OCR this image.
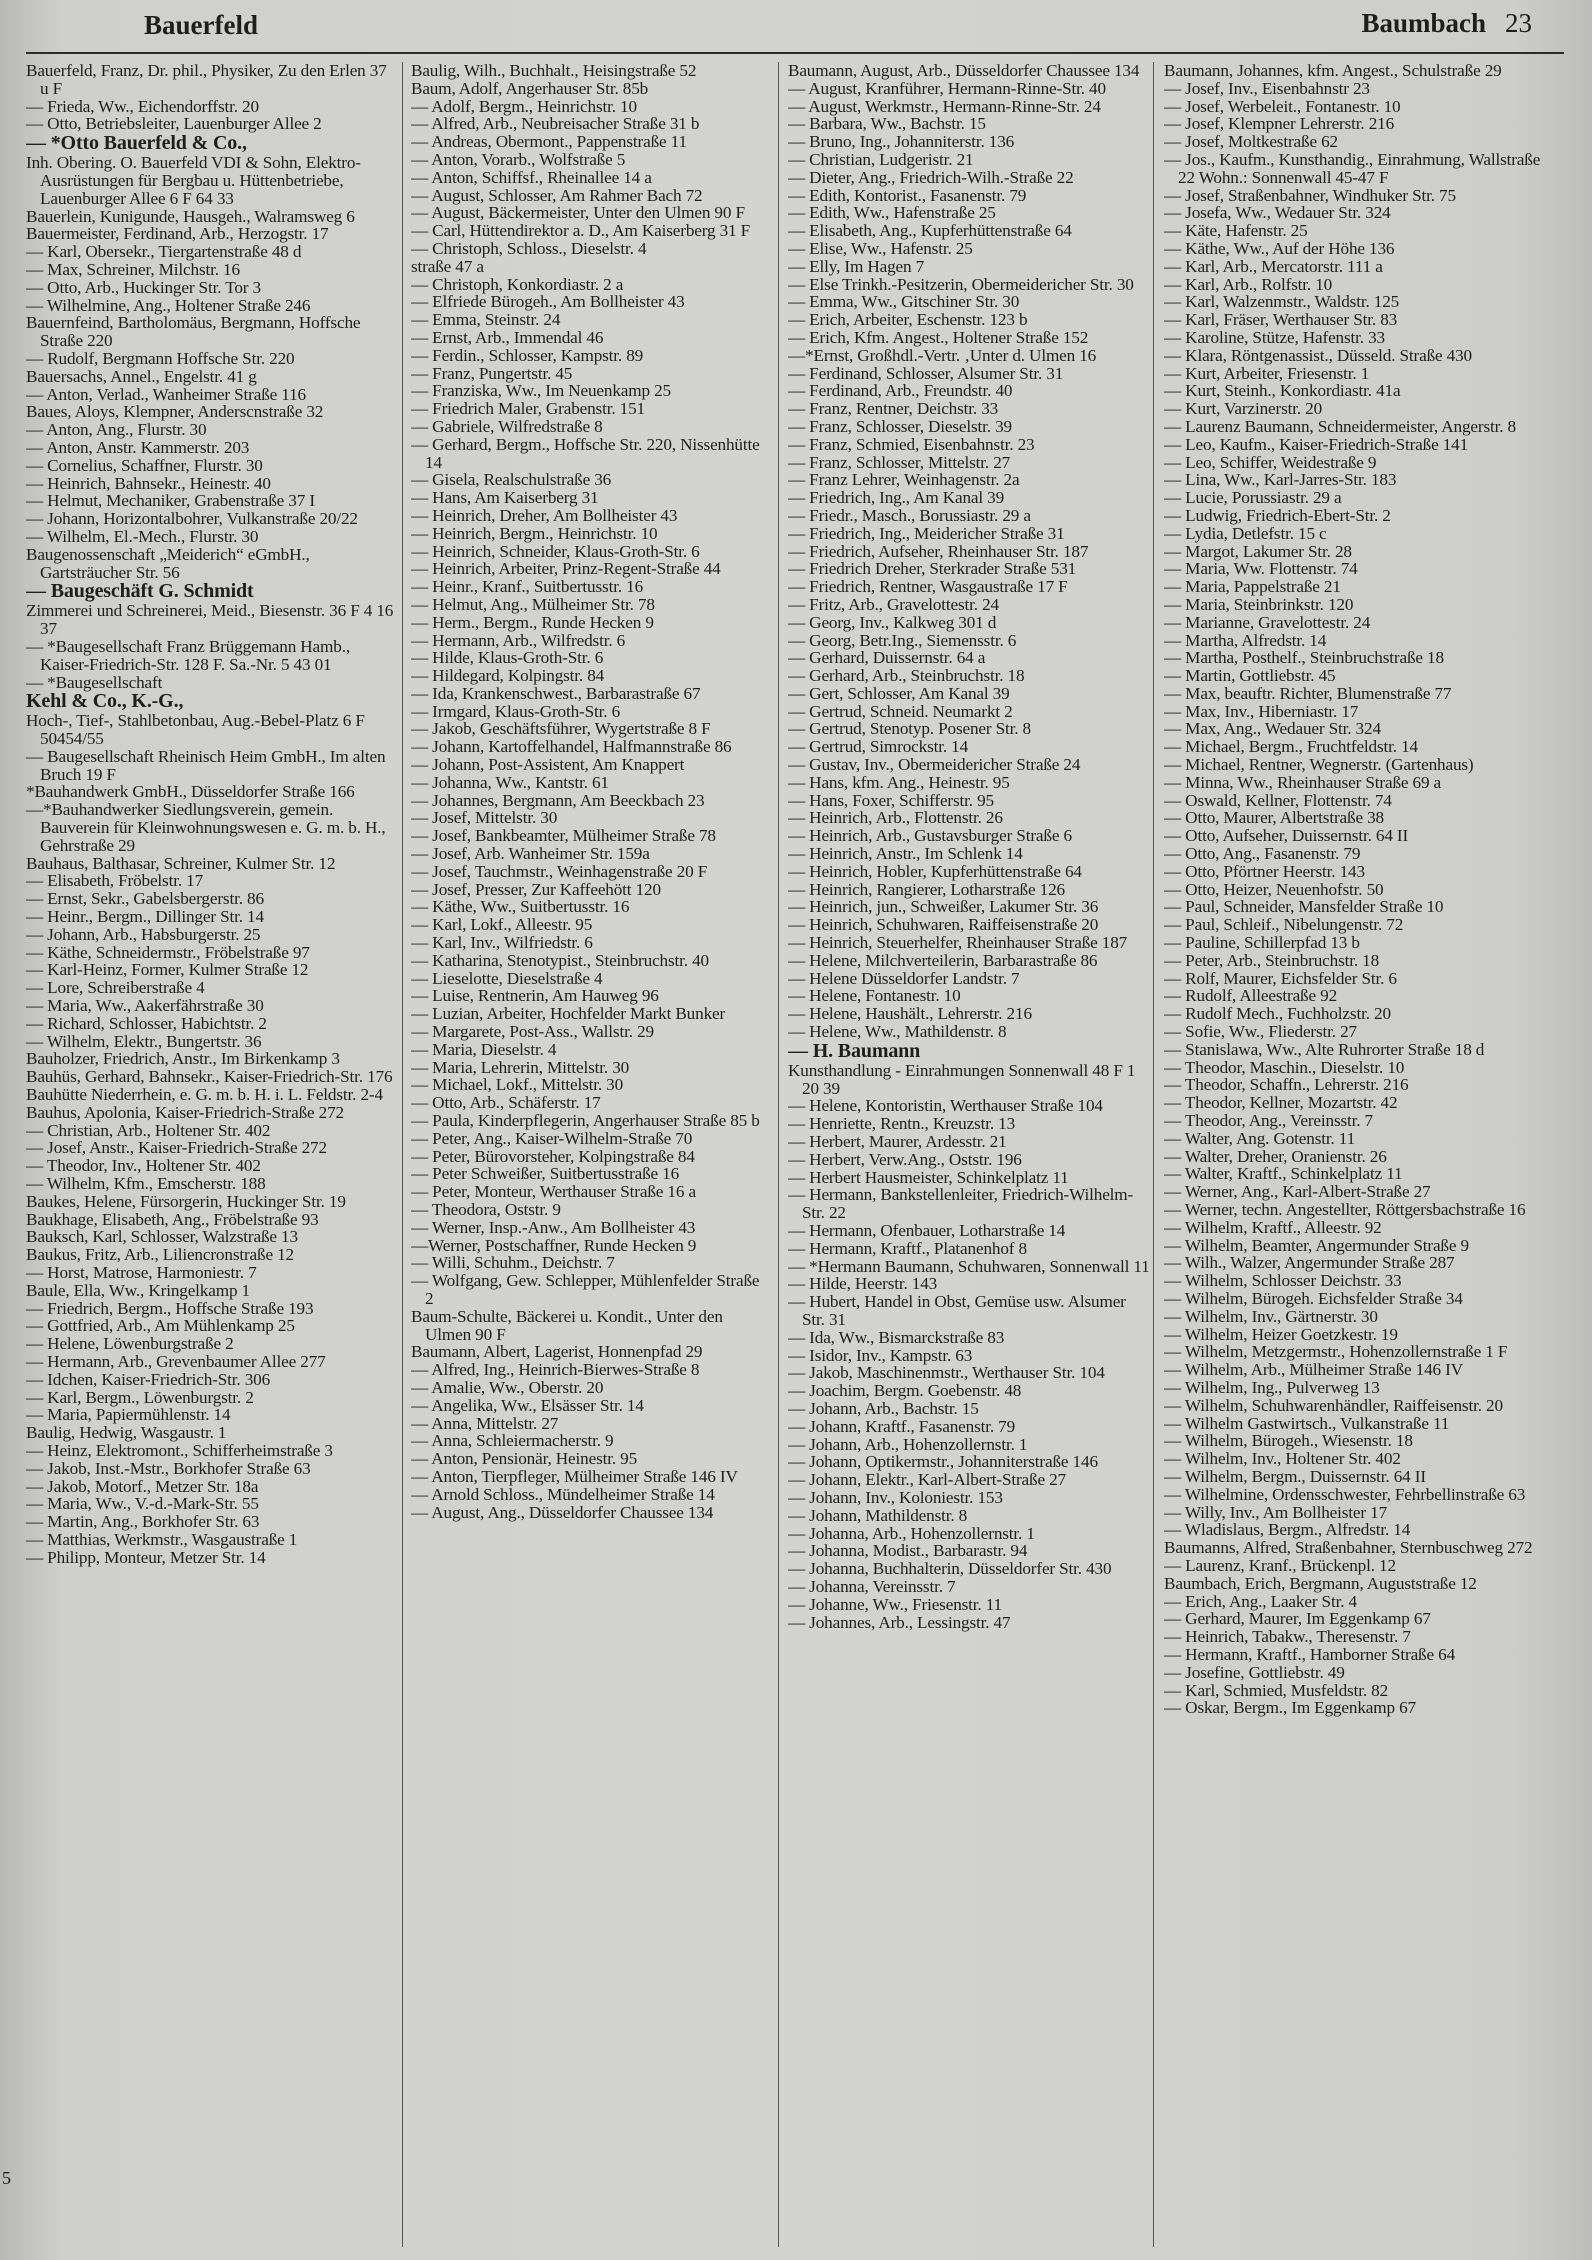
Bauerfeld	Baumbach 23

Bauerfeld, Franz, Dr. phil., Physiker, Zu den Erlen 37 u F

— Frieda, Ww., Eichendorffstr. 20

— Otto, Betriebsleiter, Lauenburger Allee 2

— *Otto Bauerfeld & Co.,

Inh. Obering. O. Bauerfeld VDI & Sohn, Elektro-Ausrüstungen für Bergbau u. Hüttenbetriebe, Lauenburger Allee 6 F 64 33

Bauerlein, Kunigunde, Hausgeh., Walramsweg 6

Bauermeister, Ferdinand, Arb., Herzogstr. 17

— Karl, Obersekr., Tiergartenstraße 48 d

— Max, Schreiner, Milchstr. 16

— Otto, Arb., Huckinger Str. Tor 3

— Wilhelmine, Ang., Holtener Straße 246

Bauernfeind, Bartholomäus, Bergmann, Hoffsche Straße 220

— Rudolf, Bergmann Hoffsche Str. 220

Bauersachs, Annel., Engelstr. 41 g

— Anton, Verlad., Wanheimer Straße 116

Baues, Aloys, Klempner, Anderscnstraße 32

— Anton, Ang., Flurstr. 30

— Anton, Anstr. Kammerstr. 203

— Cornelius, Schaffner, Flurstr. 30

— Heinrich, Bahnsekr., Heinestr. 40

— Helmut, Mechaniker, Grabenstraße 37 I

— Johann, Horizontalbohrer, Vulkanstraße 20/22

— Wilhelm, El.-Mech., Flurstr. 30

Baugenossenschaft „Meiderich“ eGmbH., Gartsträucher Str. 56

— Baugeschäft G. Schmidt

Zimmerei und Schreinerei, Meid., Biesenstr. 36 F 4 16 37

— *Baugesellschaft Franz Brüggemann Hamb., Kaiser-Friedrich-Str. 128 F. Sa.-Nr. 5 43 01

— *Baugesellschaft

Kehl & Co., K.-G.,

Hoch-, Tief-, Stahlbetonbau, Aug.-Bebel-Platz 6 F 50454/55

— Baugesellschaft Rheinisch Heim GmbH., Im alten Bruch 19 F

*Bauhandwerk GmbH., Düsseldorfer Straße 166

—*Bauhandwerker Siedlungsverein, gemein. Bauverein für Kleinwohnungswesen e. G. m. b. H., Gehrstraße 29

Bauhaus, Balthasar, Schreiner, Kulmer Str. 12

— Elisabeth, Fröbelstr. 17

— Ernst, Sekr., Gabelsbergerstr. 86

— Heinr., Bergm., Dillinger Str. 14

— Johann, Arb., Habsburgerstr. 25

— Käthe, Schneidermstr., Fröbelstraße 97

— Karl-Heinz, Former, Kulmer Straße 12

— Lore, Schreiberstraße 4

— Maria, Ww., Aakerfährstraße 30

— Richard, Schlosser, Habichtstr. 2

— Wilhelm, Elektr., Bungertstr. 36

Bauholzer, Friedrich, Anstr., Im Birkenkamp 3

Bauhüs, Gerhard, Bahnsekr., Kaiser-Friedrich-Str. 176

Bauhütte Niederrhein, e. G. m. b. H. i. L. Feldstr. 2-4

Bauhus, Apolonia, Kaiser-Friedrich-Straße 272

— Christian, Arb., Holtener Str. 402

— Josef, Anstr., Kaiser-Friedrich-Straße 272

— Theodor, Inv., Holtener Str. 402

— Wilhelm, Kfm., Emscherstr. 188

Baukes, Helene, Fürsorgerin, Huckinger Str. 19

Baukhage, Elisabeth, Ang., Fröbelstraße 93

Bauksch, Karl, Schlosser, Walzstraße 13

Baukus, Fritz, Arb., Liliencronstraße 12

— Horst, Matrose, Harmoniestr. 7

Baule, Ella, Ww., Kringelkamp 1

— Friedrich, Bergm., Hoffsche Straße 193

— Gottfried, Arb., Am Mühlenkamp 25

— Helene, Löwenburgstraße 2

— Hermann, Arb., Grevenbaumer Allee 277

— Idchen, Kaiser-Friedrich-Str. 306

— Karl, Bergm., Löwenburgstr. 2

— Maria, Papiermühlenstr. 14

Baulig, Hedwig, Wasgaustr. 1

— Heinz, Elektromont., Schifferheimstraße 3

— Jakob, Inst.-Mstr., Borkhofer Straße 63

— Jakob, Motorf., Metzer Str. 18a

— Maria, Ww., V.-d.-Mark-Str. 55

— Martin, Ang., Borkhofer Str. 63

— Matthias, Werkmstr., Wasgaustraße 1

— Philipp, Monteur, Metzer Str. 14

Baulig, Wilh., Buchhalt., Heisingstraße 52

Baum, Adolf, Angerhauser Str. 85b

— Adolf, Bergm., Heinrichstr. 10

— Alfred, Arb., Neubreisacher Straße 31 b

— Andreas, Obermont., Pappenstraße 11

— Anton, Vorarb., Wolfstraße 5

— Anton, Schiffsf., Rheinallee 14 a

— August, Schlosser, Am Rahmer Bach 72

— August, Bäckermeister, Unter den Ulmen 90 F

— Carl, Hüttendirektor a. D., Am Kaiserberg 31 F

— Christoph, Schloss., Dieselstr. 4

straße 47 a

— Christoph, Konkordiastr. 2 a

— Elfriede Bürogeh., Am Bollheister 43

— Emma, Steinstr. 24

— Ernst, Arb., Immendal 46

— Ferdin., Schlosser, Kampstr. 89

— Franz, Pungertstr. 45

— Franziska, Ww., Im Neuenkamp 25

— Friedrich Maler, Grabenstr. 151

— Gabriele, Wilfredstraße 8

— Gerhard, Bergm., Hoffsche Str. 220, Nissenhütte 14

— Gisela, Realschulstraße 36

— Hans, Am Kaiserberg 31

— Heinrich, Dreher, Am Bollheister 43

— Heinrich, Bergm., Heinrichstr. 10

— Heinrich, Schneider, Klaus-Groth-Str. 6

— Heinrich, Arbeiter, Prinz-Regent-Straße 44

— Heinr., Kranf., Suitbertusstr. 16

— Helmut, Ang., Mülheimer Str. 78

— Herm., Bergm., Runde Hecken 9

— Hermann, Arb., Wilfredstr. 6

— Hilde, Klaus-Groth-Str. 6

— Hildegard, Kolpingstr. 84

— Ida, Krankenschwest., Barbarastraße 67

— Irmgard, Klaus-Groth-Str. 6

— Jakob, Geschäftsführer, Wygertstraße 8 F

— Johann, Kartoffelhandel, Halfmannstraße 86

— Johann, Post-Assistent, Am Knappert

— Johanna, Ww., Kantstr. 61

— Johannes, Bergmann, Am Beeckbach 23

— Josef, Mittelstr. 30

— Josef, Bankbeamter, Mülheimer Straße 78

— Josef, Arb. Wanheimer Str. 159a

— Josef, Tauchmstr., Weinhagenstraße 20 F

— Josef, Presser, Zur Kaffeehött 120

— Käthe, Ww., Suitbertusstr. 16

— Karl, Lokf., Alleestr. 95

— Karl, Inv., Wilfriedstr. 6

— Katharina, Stenotypist., Steinbruchstr. 40

— Lieselotte, Dieselstraße 4

— Luise, Rentnerin, Am Hauweg 96

— Luzian, Arbeiter, Hochfelder Markt Bunker

— Margarete, Post-Ass., Wallstr. 29

— Maria, Dieselstr. 4

— Maria, Lehrerin, Mittelstr. 30

— Michael, Lokf., Mittelstr. 30

— Otto, Arb., Schäferstr. 17

— Paula, Kinderpflegerin, Angerhauser Straße 85 b

— Peter, Ang., Kaiser-Wilhelm-Straße 70

— Peter, Bürovorsteher, Kolpingstraße 84

— Peter Schweißer, Suitbertusstraße 16

— Peter, Monteur, Werthauser Straße 16 a

— Theodora, Oststr. 9

— Werner, Insp.-Anw., Am Bollheister 43

—Werner, Postschaffner, Runde Hecken 9

— Willi, Schuhm., Deichstr. 7

— Wolfgang, Gew. Schlepper, Mühlenfelder Straße 2

Baum-Schulte, Bäckerei u. Kondit., Unter den Ulmen 90 F

Baumann, Albert, Lagerist, Honnenpfad 29

— Alfred, Ing., Heinrich-Bierwes-Straße 8

— Amalie, Ww., Oberstr. 20

— Angelika, Ww., Elsässer Str. 14

— Anna, Mittelstr. 27

— Anna, Schleiermacherstr. 9

— Anton, Pensionär, Heinestr. 95

— Anton, Tierpfleger, Mülheimer Straße 146 IV

— Arnold Schloss., Mündelheimer Straße 14

— August, Ang., Düsseldorfer Chaussee 134

Baumann, August, Arb., Düsseldorfer Chaussee 134

— August, Kranführer, Hermann-Rinne-Str. 40

— August, Werkmstr., Hermann-Rinne-Str. 24

— Barbara, Ww., Bachstr. 15

— Bruno, Ing., Johanniterstr. 136

— Christian, Ludgeristr. 21

— Dieter, Ang., Friedrich-Wilh.-Straße 22

— Edith, Kontorist., Fasanenstr. 79

— Edith, Ww., Hafenstraße 25

— Elisabeth, Ang., Kupferhüttenstraße 64

— Elise, Ww., Hafenstr. 25

— Elly, Im Hagen 7

— Else Trinkh.-Pesitzerin, Obermeidericher Str. 30

— Emma, Ww., Gitschiner Str. 30

— Erich, Arbeiter, Eschenstr. 123 b

— Erich, Kfm. Angest., Holtener Straße 152

—*Ernst, Großhdl.-Vertr. ‚Unter d. Ulmen 16

— Ferdinand, Schlosser, Alsumer Str. 31

— Ferdinand, Arb., Freundstr. 40

— Franz, Rentner, Deichstr. 33

— Franz, Schlosser, Dieselstr. 39

— Franz, Schmied, Eisenbahnstr. 23

— Franz, Schlosser, Mittelstr. 27

— Franz Lehrer, Weinhagenstr. 2a

— Friedrich, Ing., Am Kanal 39

— Friedr., Masch., Borussiastr. 29 a

— Friedrich, Ing., Meidericher Straße 31

— Friedrich, Aufseher, Rheinhauser Str. 187

— Friedrich Dreher, Sterkrader Straße 531

— Friedrich, Rentner, Wasgaustraße 17 F

— Fritz, Arb., Gravelottestr. 24

— Georg, Inv., Kalkweg 301 d

— Georg, Betr.Ing., Siemensstr. 6

— Gerhard, Duissernstr. 64 a

— Gerhard, Arb., Steinbruchstr. 18

— Gert, Schlosser, Am Kanal 39

— Gertrud, Schneid. Neumarkt 2

— Gertrud, Stenotyp. Posener Str. 8

— Gertrud, Simrockstr. 14

— Gustav, Inv., Obermeidericher Straße 24

— Hans, kfm. Ang., Heinestr. 95

— Hans, Foxer, Schifferstr. 95

— Heinrich, Arb., Flottenstr. 26

— Heinrich, Arb., Gustavsburger Straße 6

— Heinrich, Anstr., Im Schlenk 14

— Heinrich, Hobler, Kupferhüttenstraße 64

— Heinrich, Rangierer, Lotharstraße 126

— Heinrich, jun., Schweißer, Lakumer Str. 36

— Heinrich, Schuhwaren, Raiffeisenstraße 20

— Heinrich, Steuerhelfer, Rheinhauser Straße 187

— Helene, Milchverteilerin, Barbarastraße 86

— Helene Düsseldorfer Landstr. 7

— Helene, Fontanestr. 10

— Helene, Haushält., Lehrerstr. 216

— Helene, Ww., Mathildenstr. 8

— H. Baumann

Kunsthandlung - Einrahmungen Sonnenwall 48 F 1 20 39

— Helene, Kontoristin, Werthauser Straße 104

— Henriette, Rentn., Kreuzstr. 13

— Herbert, Maurer, Ardesstr. 21

— Herbert, Verw.Ang., Oststr. 196

— Herbert Hausmeister, Schinkelplatz 11

— Hermann, Bankstellenleiter, Friedrich-Wilhelm-Str. 22

— Hermann, Ofenbauer, Lotharstraße 14

— Hermann, Kraftf., Platanenhof 8

— *Hermann Baumann, Schuhwaren, Sonnenwall 11

— Hilde, Heerstr. 143

— Hubert, Handel in Obst, Gemüse usw. Alsumer Str. 31

— Ida, Ww., Bismarckstraße 83

— Isidor, Inv., Kampstr. 63

— Jakob, Maschinenmstr., Werthauser Str. 104

— Joachim, Bergm. Goebenstr. 48

— Johann, Arb., Bachstr. 15

— Johann, Kraftf., Fasanenstr. 79

— Johann, Arb., Hohenzollernstr. 1

— Johann, Optikermstr., Johanniterstraße 146

— Johann, Elektr., Karl-Albert-Straße 27

— Johann, Inv., Koloniestr. 153

— Johann, Mathildenstr. 8

— Johanna, Arb., Hohenzollernstr. 1

— Johanna, Modist., Barbarastr. 94

— Johanna, Buchhalterin, Düsseldorfer Str. 430

— Johanna, Vereinsstr. 7

— Johanne, Ww., Friesenstr. 11

— Johannes, Arb., Lessingstr. 47

Baumann, Johannes, kfm. Angest., Schulstraße 29

— Josef, Inv., Eisenbahnstr 23

— Josef, Werbeleit., Fontanestr. 10

— Josef, Klempner Lehrerstr. 216

— Josef, Moltkestraße 62

— Jos., Kaufm., Kunsthandig., Einrahmung, Wallstraße 22 Wohn.: Sonnenwall 45-47 F

— Josef, Straßenbahner, Windhuker Str. 75

— Josefa, Ww., Wedauer Str. 324

— Käte, Hafenstr. 25

— Käthe, Ww., Auf der Höhe 136

— Karl, Arb., Mercatorstr. 111 a

— Karl, Arb., Rolfstr. 10

— Karl, Walzenmstr., Waldstr. 125

— Karl, Fräser, Werthauser Str. 83

— Karoline, Stütze, Hafenstr. 33

— Klara, Röntgenassist., Düsseld. Straße 430

— Kurt, Arbeiter, Friesenstr. 1

— Kurt, Steinh., Konkordiastr. 41a

— Kurt, Varzinerstr. 20

— Laurenz Baumann, Schneidermeister, Angerstr. 8

— Leo, Kaufm., Kaiser-Friedrich-Straße 141

— Leo, Schiffer, Weidestraße 9

— Lina, Ww., Karl-Jarres-Str. 183

— Lucie, Porussiastr. 29 a

— Ludwig, Friedrich-Ebert-Str. 2

— Lydia, Detlefstr. 15 c

— Margot, Lakumer Str. 28

— Maria, Ww. Flottenstr. 74

— Maria, Pappelstraße 21

— Maria, Steinbrinkstr. 120

— Marianne, Gravelottestr. 24

— Martha, Alfredstr. 14

— Martha, Posthelf., Steinbruchstraße 18

— Martin, Gottliebstr. 45

— Max, beauftr. Richter, Blumenstraße 77

— Max, Inv., Hiberniastr. 17

— Max, Ang., Wedauer Str. 324

— Michael, Bergm., Fruchtfeldstr. 14

— Michael, Rentner, Wegnerstr. (Gartenhaus)

— Minna, Ww., Rheinhauser Straße 69 a

— Oswald, Kellner, Flottenstr. 74

— Otto, Maurer, Albertstraße 38

— Otto, Aufseher, Duissernstr. 64 II

— Otto, Ang., Fasanenstr. 79

— Otto, Pförtner Heerstr. 143

— Otto, Heizer, Neuenhofstr. 50

— Paul, Schneider, Mansfelder Straße 10

— Paul, Schleif., Nibelungenstr. 72

— Pauline, Schillerpfad 13 b

— Peter, Arb., Steinbruchstr. 18

— Rolf, Maurer, Eichsfelder Str. 6

— Rudolf, Alleestraße 92

— Rudolf Mech., Fuchholzstr. 20

— Sofie, Ww., Fliederstr. 27

— Stanislawa, Ww., Alte Ruhrorter Straße 18 d

— Theodor, Maschin., Dieselstr. 10

— Theodor, Schaffn., Lehrerstr. 216

— Theodor, Kellner, Mozartstr. 42

— Theodor, Ang., Vereinsstr. 7

— Walter, Ang. Gotenstr. 11

— Walter, Dreher, Oranienstr. 26

— Walter, Kraftf., Schinkelplatz 11

— Werner, Ang., Karl-Albert-Straße 27

— Werner, techn. Angestellter, Röttgersbachstraße 16

— Wilhelm, Kraftf., Alleestr. 92

— Wilhelm, Beamter, Angermunder Straße 9

— Wilh., Walzer, Angermunder Straße 287

— Wilhelm, Schlosser Deichstr. 33

— Wilhelm, Bürogeh. Eichsfelder Straße 34

— Wilhelm, Inv., Gärtnerstr. 30

— Wilhelm, Heizer Goetzkestr. 19

— Wilhelm, Metzgermstr., Hohenzollernstraße 1 F

— Wilhelm, Arb., Mülheimer Straße 146 IV

— Wilhelm, Ing., Pulverweg 13

— Wilhelm, Schuhwarenhändler, Raiffeisenstr. 20

— Wilhelm Gastwirtsch., Vulkanstraße 11

— Wilhelm, Bürogeh., Wiesenstr. 18

— Wilhelm, Inv., Holtener Str. 402

— Wilhelm, Bergm., Duissernstr. 64 II

— Wilhelmine, Ordensschwester, Fehrbellinstraße 63

— Willy, Inv., Am Bollheister 17

— Wladislaus, Bergm., Alfredstr. 14

Baumanns, Alfred, Straßenbahner, Sternbuschweg 272

— Laurenz, Kranf., Brückenpl. 12

Baumbach, Erich, Bergmann, Auguststraße 12

— Erich, Ang., Laaker Str. 4

— Gerhard, Maurer, Im Eggenkamp 67

— Heinrich, Tabakw., Theresenstr. 7

— Hermann, Kraftf., Hamborner Straße 64

— Josefine, Gottliebstr. 49

— Karl, Schmied, Musfeldstr. 82

— Oskar, Bergm., Im Eggenkamp 67

5
